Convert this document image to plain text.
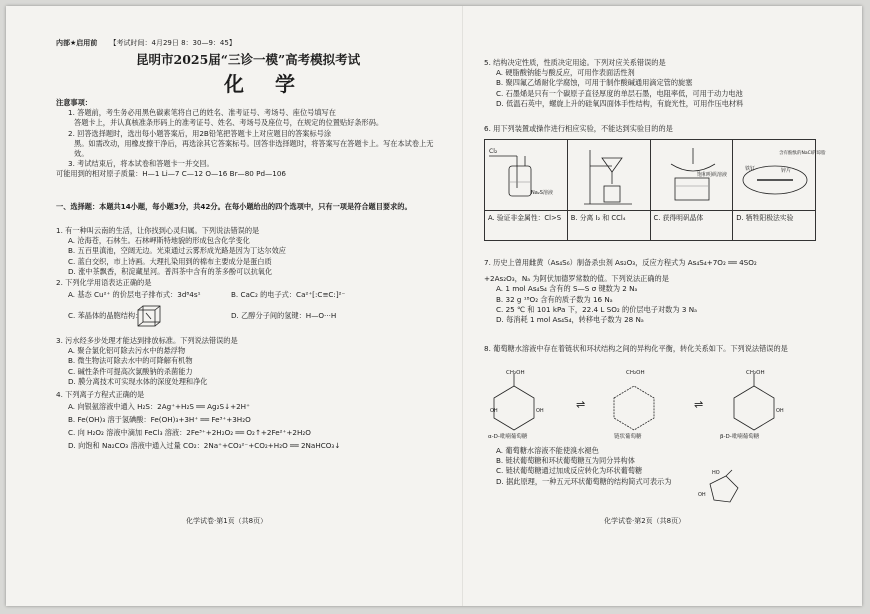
内部★启用前 【考试时间：4月29日 8：30—9：45】
昆明市2025届“三诊一模”高考模拟考试
化 学
注意事项：
1. 答题前，考生务必用黑色碳素笔将自己的姓名、准考证号、考场号、座位号填写在
答题卡上，并认真核准条形码上的准考证号、姓名、考场号及座位号，在规定的位置贴好条形码。
2. 回答选择题时，选出每小题答案后，用2B铅笔把答题卡上对应题目的答案标号涂
黑。如需改动，用橡皮擦干净后，再选涂其它答案标号。回答非选择题时，将答案写在答题卡上。写在本试卷上无效。
3. 考试结束后，将本试卷和答题卡一并交回。
可能用到的相对原子质量：H—1 Li—7 C—12 O—16 Br—80 Pd—106
一、选择题：本题共14小题，每小题3分，共42分。在每小题给出的四个选项中，只有一项是符合题目要求的。
1. 有一种叫云南的生活，让你找到心灵归属。下列说法错误的是
A. 沧海苍，石林生。石林岬斯特地貌的形成包含化学变化
B. 五百里滇池，空阔无边。光束通过云雾形成光路是因为丁达尔效应
C. 蓝白交织，市上诗画。大理扎染用到的棉布主要成分是蛋白质
D. 涨中茶飘香，积淀藏星河。普洱茶中含有的茶多酚可以抗氧化
2. 下列化学用语表达正确的是
A. 基态 Cu²⁺ 的价层电子排布式：3d⁸4s¹	B. CaC₂ 的电子式：Ca²⁺[:C≡C:]²⁻
C. 苯晶体的晶胞结构：	D. 乙醇分子间的氢键：H—O···H
3. 污水经多步处理才能达到排放标准。下列说法错误的是
A. 聚合氯化铝可除去污水中的悬浮物
B. 微生物法可除去水中的可降解有机物
C. 碱性条件可提高次氯酸钠的杀菌能力
D. 膜分离技术可实现水体的深度处理和净化
4. 下列离子方程式正确的是
A. 向银氨溶液中通入 H₂S：2Ag⁺+H₂S ══ Ag₂S↓+2H⁺
B. Fe(OH)₃ 溶于氢碘酸：Fe(OH)₃+3H⁺ ══ Fe³⁺+3H₂O
C. 向 H₂O₂ 溶液中滴加 FeCl₃ 溶液：2Fe³⁺+2H₂O₂ ══ O₂↑+2Fe²⁺+2H₂O
D. 向饱和 Na₂CO₃ 溶液中通入过量 CO₂：2Na⁺+CO₃²⁻+CO₂+H₂O ══ 2NaHCO₃↓
化学试卷·第1页（共8页）
5. 结构决定性质，性质决定用途。下列对应关系错误的是
A. 硬脂酸钠能与酸反应，可用作表面活性剂
B. 聚四氟乙烯耐化学腐蚀，可用于制作酸碱通用滴定管的旋塞
C. 石墨烯是只有一个碳原子直径厚度的单层石墨，电阻率低，可用于动力电池
D. 低温石英中，螺旋上升的硅氧四面体手性结构，有旋光性，可用作压电材料
6. 用下列装置或操作进行相应实验，不能达到实验目的的是
Cl₂
Na₂S溶液
A. 验证非金属性：Cl>S	B. 分离 I₂ 和 CCl₄
饱和明矾溶液
C. 获得明矾晶体
铁钉	锌片
含有酚酞的NaCl的琼脂
D. 牺牲阳极法实验
7. 历史上曾用雌黄（As₄S₆）制备杀虫剂 As₂O₃，反应方程式为 As₄S₄+7O₂ ══ 4SO₂
+2As₂O₃，Nₐ 为阿伏加德罗常数的值。下列说法正确的是
A. 1 mol As₄S₄ 含有的 S—S σ 键数为 2 Nₐ
B. 32 g ¹⁸O₂ 含有的质子数为 16 Nₐ
C. 25 ℃ 和 101 kPa 下，22.4 L SO₂ 的价层电子对数为 3 Nₐ
D. 每消耗 1 mol As₄S₄，转移电子数为 28 Nₐ
8. 葡萄糖水溶液中存在着链状和环状结构之间的异构化平衡，转化关系如下。下列说法错误的是
CH₂OH
OH	OH
α-D-吡喃葡萄糖
⇌
CH₂OH
链状葡萄糖
⇌
CH₂OH
OH
β-D-吡喃葡萄糖
A. 葡萄糖水溶液不能使溴水褪色
B. 链状葡萄糖和环状葡萄糖互为同分异构体
C. 链状葡萄糖通过加成反应转化为环状葡萄糖
D. 据此原理，一种五元环状葡萄糖的结构简式可表示为
HO
OH
化学试卷·第2页（共8页）
